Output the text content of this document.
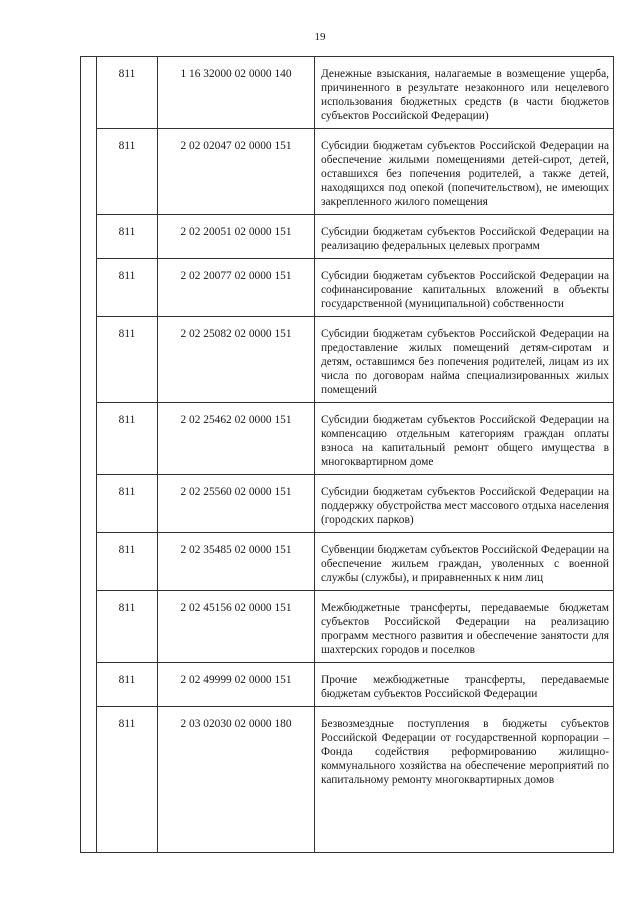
19
	811	1 16 32000 02 0000 140	Денежные взыскания, налагаемые в возмещение ущерба, причиненного в результате незаконного или нецелевого использования бюджетных средств (в части бюджетов субъектов Российской Федерации)
	811	2 02 02047 02 0000 151	Субсидии бюджетам субъектов Российской Федерации на обеспечение жилыми помещениями детей-сирот, детей, оставшихся без попечения родителей, а также детей, находящихся под опекой (попечительством), не имеющих закрепленного жилого помещения
	811	2 02 20051 02 0000 151	Субсидии бюджетам субъектов Российской Федерации на реализацию федеральных целевых программ
	811	2 02 20077 02 0000 151	Субсидии бюджетам субъектов Российской Федерации на софинансирование капитальных вложений в объекты государственной (муниципальной) собственности
	811	2 02 25082 02 0000 151	Субсидии бюджетам субъектов Российской Федерации на предоставление жилых помещений детям-сиротам и детям, оставшимся без попечения родителей, лицам из их числа по договорам найма специализированных жилых помещений
	811	2 02 25462 02 0000 151	Субсидии бюджетам субъектов Российской Федерации на компенсацию отдельным категориям граждан оплаты взноса на капитальный ремонт общего имущества в многоквартирном доме
	811	2 02 25560 02 0000 151	Субсидии бюджетам субъектов Российской Федерации на поддержку обустройства мест массового отдыха населения (городских парков)
	811	2 02 35485 02 0000 151	Субвенции бюджетам субъектов Российской Федерации на обеспечение жильем граждан, уволенных с военной службы (службы), и приравненных к ним лиц
	811	2 02 45156 02 0000 151	Межбюджетные трансферты, передаваемые бюджетам субъектов Российской Федерации на реализацию программ местного развития и обеспечение занятости для шахтерских городов и поселков
	811	2 02 49999 02 0000 151	Прочие межбюджетные трансферты, передаваемые бюджетам субъектов Российской Федерации
	811	2 03 02030 02 0000 180	Безвозмездные поступления в бюджеты субъектов Российской Федерации от государственной корпорации – Фонда содействия реформированию жилищно-коммунального хозяйства на обеспечение мероприятий по капитальному ремонту многоквартирных домов
